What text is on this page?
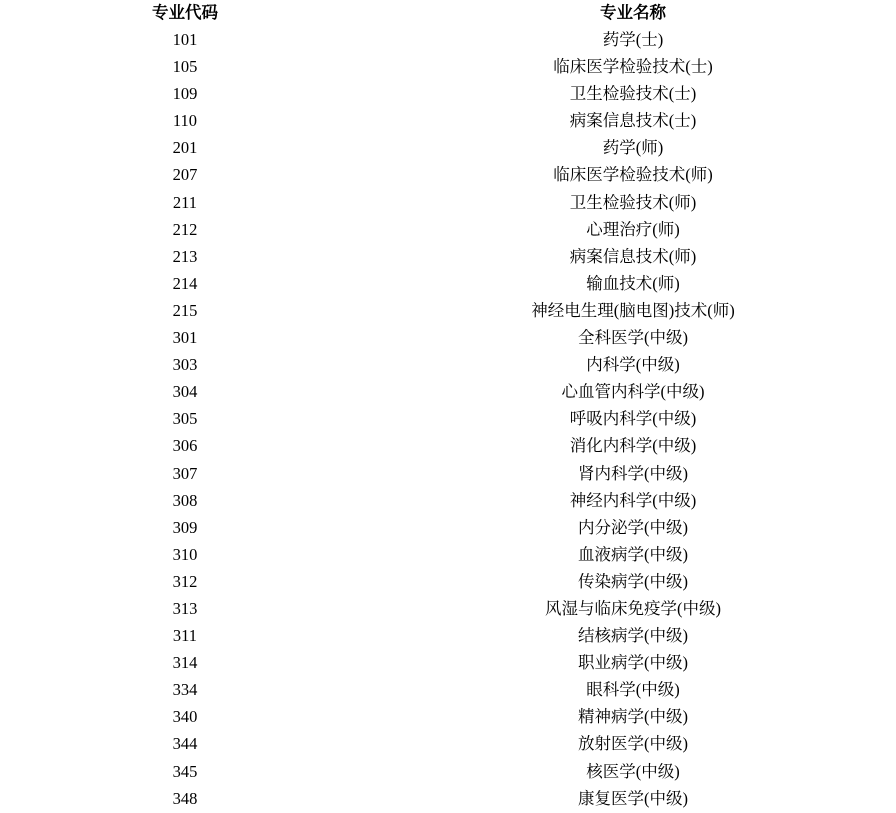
专业代码	专业名称
101	药学(士)
105	临床医学检验技术(士)
109	卫生检验技术(士)
110	病案信息技术(士)
201	药学(师)
207	临床医学检验技术(师)
211	卫生检验技术(师)
212	心理治疗(师)
213	病案信息技术(师)
214	输血技术(师)
215	神经电生理(脑电图)技术(师)
301	全科医学(中级)
303	内科学(中级)
304	心血管内科学(中级)
305	呼吸内科学(中级)
306	消化内科学(中级)
307	肾内科学(中级)
308	神经内科学(中级)
309	内分泌学(中级)
310	血液病学(中级)
312	传染病学(中级)
313	风湿与临床免疫学(中级)
311	结核病学(中级)
314	职业病学(中级)
334	眼科学(中级)
340	精神病学(中级)
344	放射医学(中级)
345	核医学(中级)
348	康复医学(中级)
